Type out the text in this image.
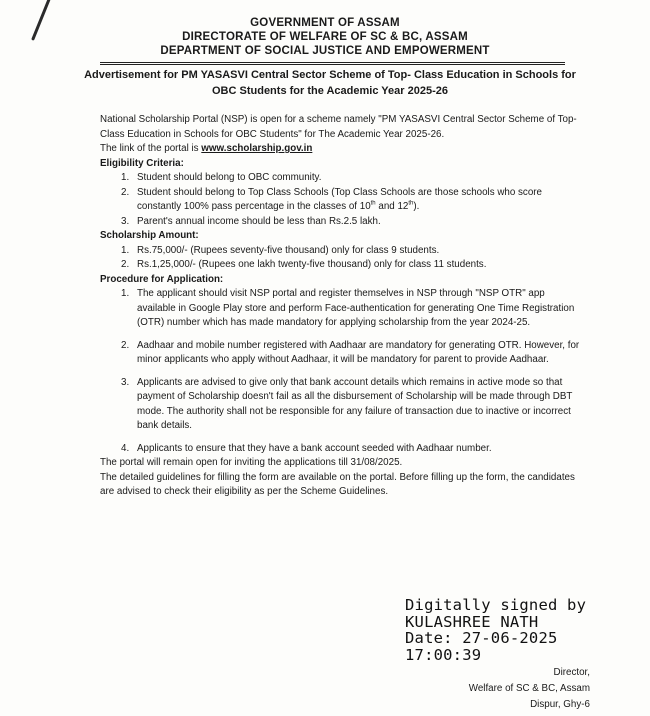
GOVERNMENT OF ASSAM
DIRECTORATE OF WELFARE OF SC & BC, ASSAM
DEPARTMENT OF SOCIAL JUSTICE AND EMPOWERMENT
Advertisement for PM YASASVI Central Sector Scheme of Top- Class Education in Schools for
OBC Students for the Academic Year 2025-26

National Scholarship Portal (NSP) is open for a scheme namely "PM YASASVI Central Sector Scheme of Top- Class Education in Schools for OBC Students" for The Academic Year 2025-26.

The link of the portal is www.scholarship.gov.in

Eligibility Criteria:

1. Student should belong to OBC community.
2. Student should belong to Top Class Schools (Top Class Schools are those schools who score constantly 100% pass percentage in the classes of 10th and 12th).
3. Parent's annual income should be less than Rs.2.5 lakh.

Scholarship Amount:

1. Rs.75,000/- (Rupees seventy-five thousand) only for class 9 students.
2. Rs.1,25,000/- (Rupees one lakh twenty-five thousand) only for class 11 students.

Procedure for Application:

1. The applicant should visit NSP portal and register themselves in NSP through "NSP OTR" app available in Google Play store and perform Face-authentication for generating One Time Registration (OTR) number which has made mandatory for applying scholarship from the year 2024-25.
2. Aadhaar and mobile number registered with Aadhaar are mandatory for generating OTR. However, for minor applicants who apply without Aadhaar, it will be mandatory for parent to provide Aadhaar.
3. Applicants are advised to give only that bank account details which remains in active mode so that payment of Scholarship doesn't fail as all the disbursement of Scholarship will be made through DBT mode. The authority shall not be responsible for any failure of transaction due to inactive or incorrect bank details.
4. Applicants to ensure that they have a bank account seeded with Aadhaar number.

The portal will remain open for inviting the applications till 31/08/2025.

The detailed guidelines for filling the form are available on the portal. Before filling up the form, the candidates are advised to check their eligibility as per the Scheme Guidelines.

Digitally signed by
KULASHREE NATH
Date: 27-06-2025
17:00:39
Director,
Welfare of SC & BC, Assam
Dispur, Ghy-6
